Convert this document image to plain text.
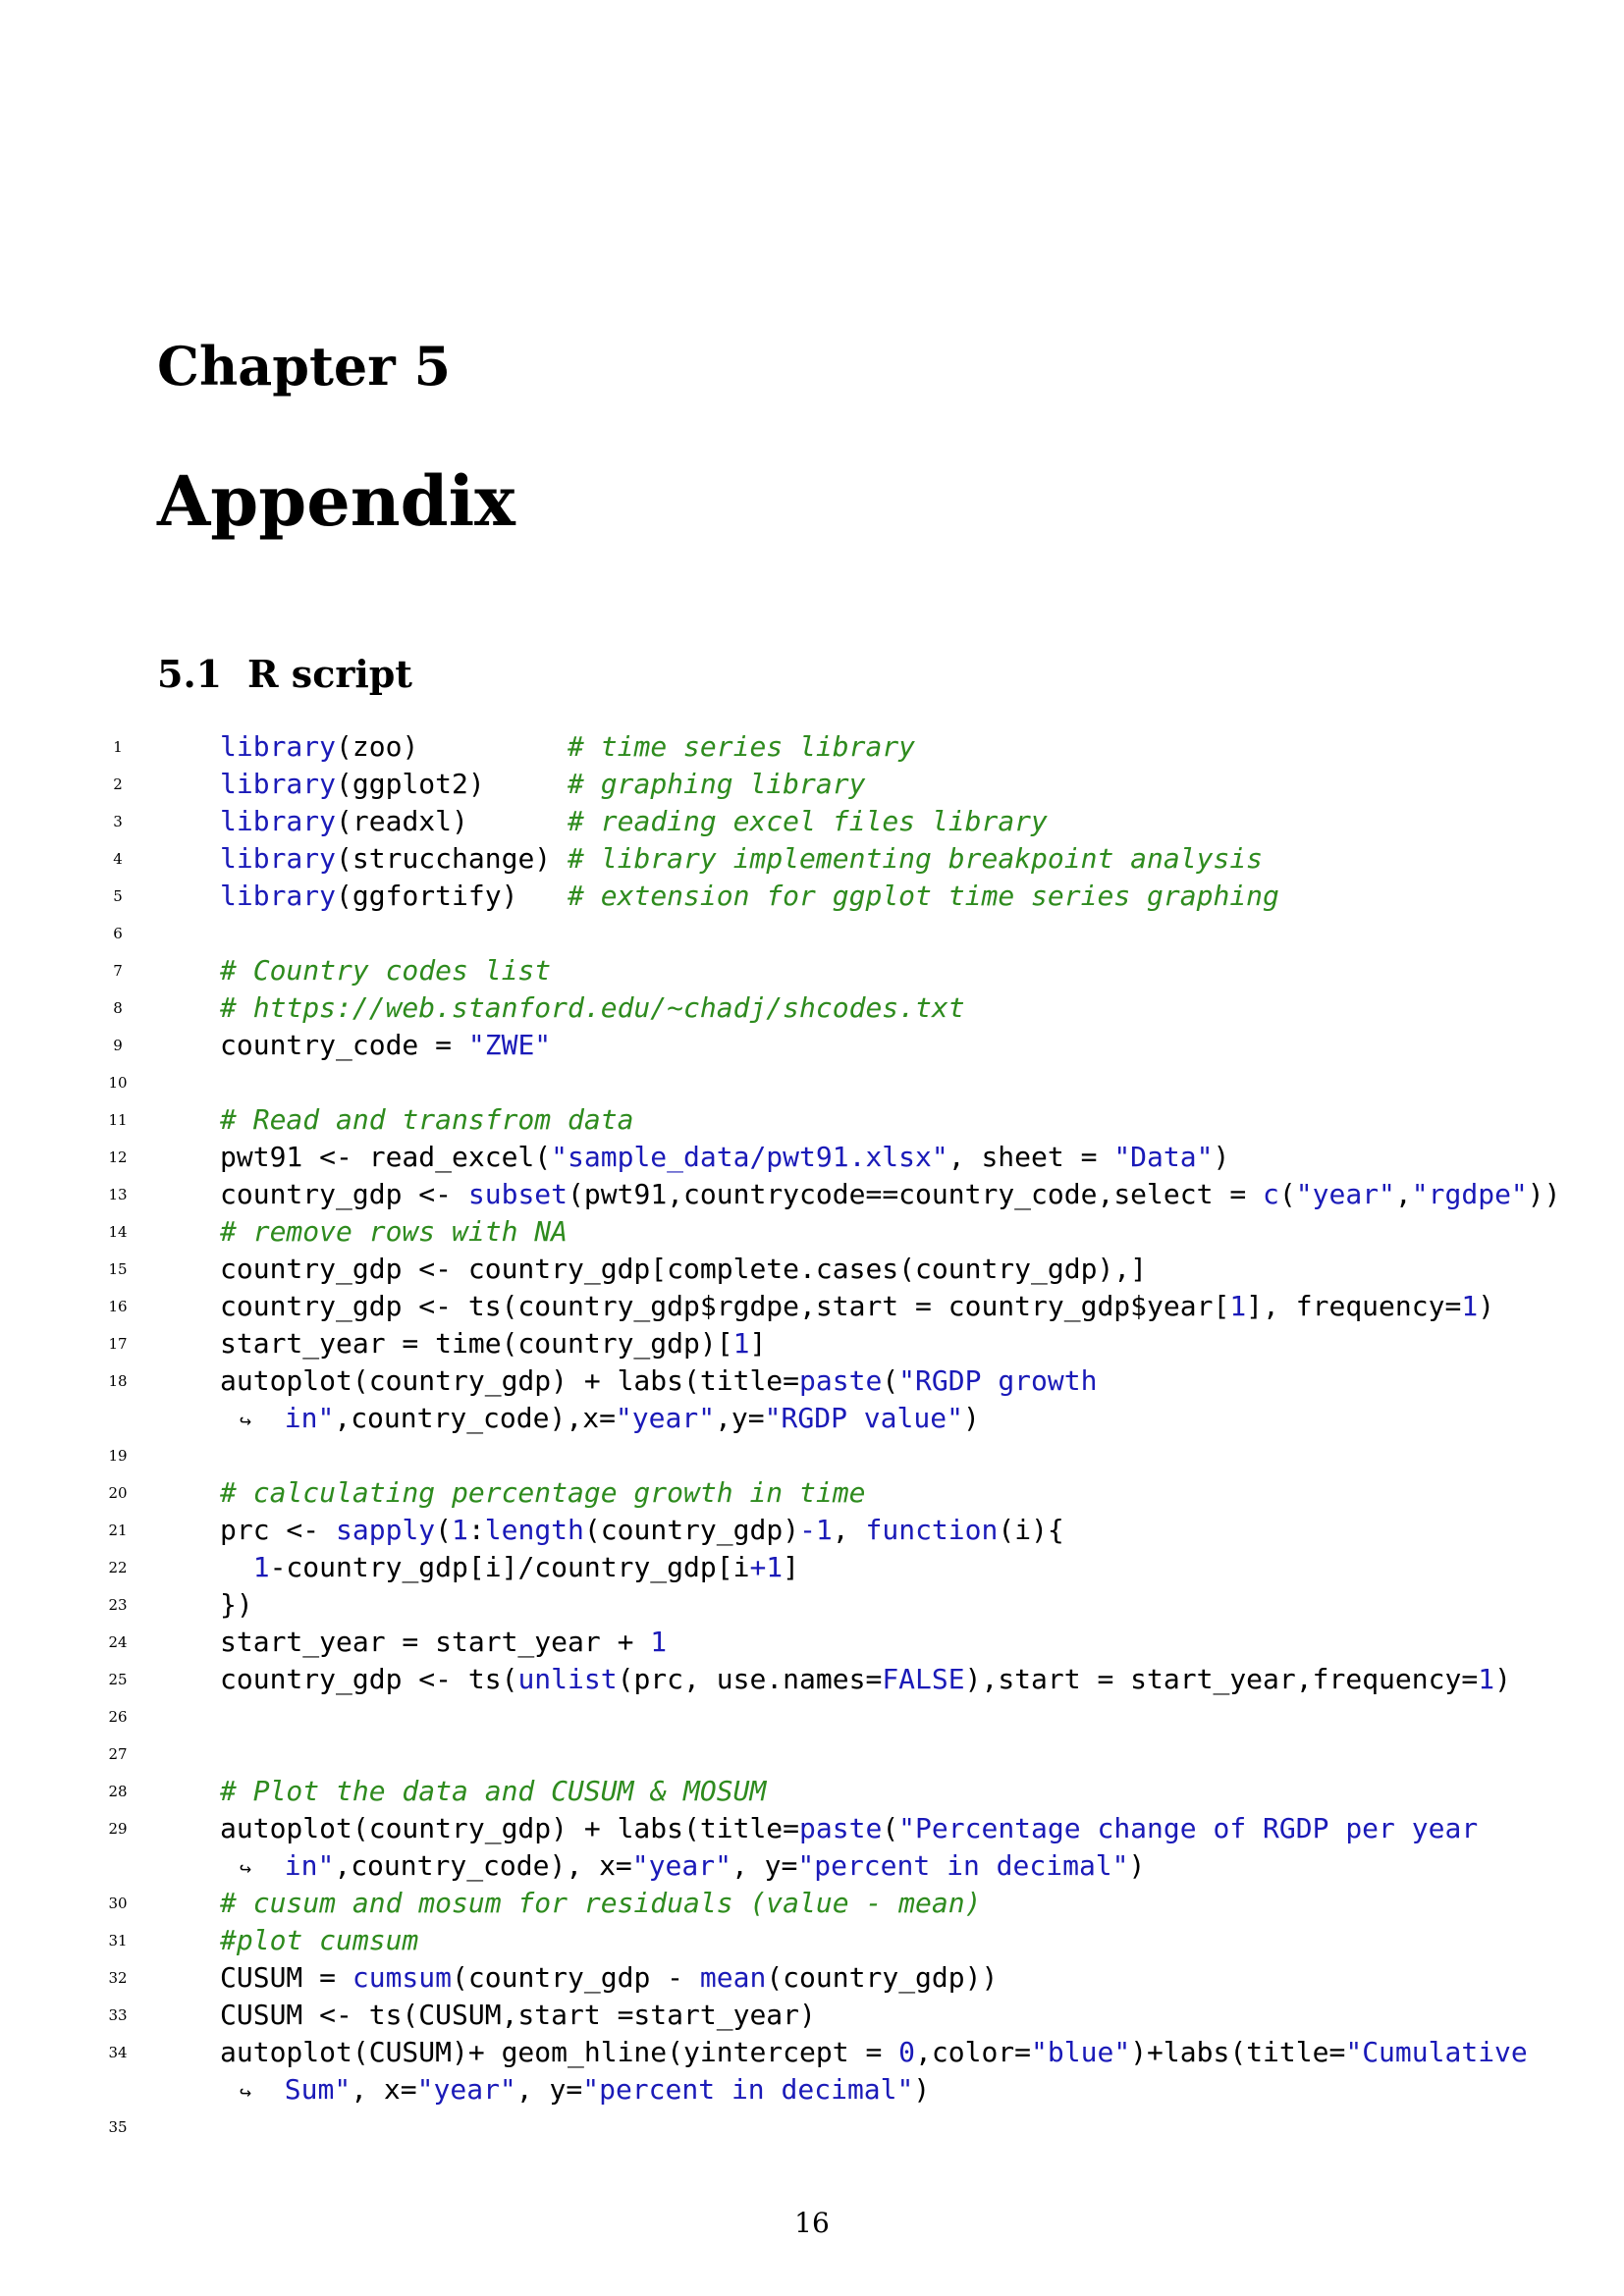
Chapter 5
Appendix
5.1 R script
1	library(zoo)         # time series library
2	library(ggplot2)     # graphing library
3	library(readxl)      # reading excel files library
4	library(strucchange) # library implementing breakpoint analysis
5	library(ggfortify)   # extension for ggplot time series graphing
6
7	# Country codes list
8	# https://web.stanford.edu/~chadj/shcodes.txt
9	country_code = "ZWE"
10
11	# Read and transfrom data
12	pwt91 <- read_excel("sample_data/pwt91.xlsx", sheet = "Data")
13	country_gdp <- subset(pwt91,countrycode==country_code,select = c("year","rgdpe"))
14	# remove rows with NA
15	country_gdp <- country_gdp[complete.cases(country_gdp),]
16	country_gdp <- ts(country_gdp$rgdpe,start = country_gdp$year[1], frequency=1)
17	start_year = time(country_gdp)[1]
18	autoplot(country_gdp) + labs(title=paste("RGDP growth
↪ in",country_code),x="year",y="RGDP value")
19
20	# calculating percentage growth in time
21	prc <- sapply(1:length(country_gdp)-1, function(i){
22	1-country_gdp[i]/country_gdp[i+1]
23	})
24	start_year = start_year + 1
25	country_gdp <- ts(unlist(prc, use.names=FALSE),start = start_year,frequency=1)
26
27
28	# Plot the data and CUSUM & MOSUM
29	autoplot(country_gdp) + labs(title=paste("Percentage change of RGDP per year
↪ in",country_code), x="year", y="percent in decimal")
30	# cusum and mosum for residuals (value - mean)
31	#plot cumsum
32	CUSUM = cumsum(country_gdp - mean(country_gdp))
33	CUSUM <- ts(CUSUM,start =start_year)
34	autoplot(CUSUM)+ geom_hline(yintercept = 0,color="blue")+labs(title="Cumulative
↪ Sum", x="year", y="percent in decimal")
35
16
